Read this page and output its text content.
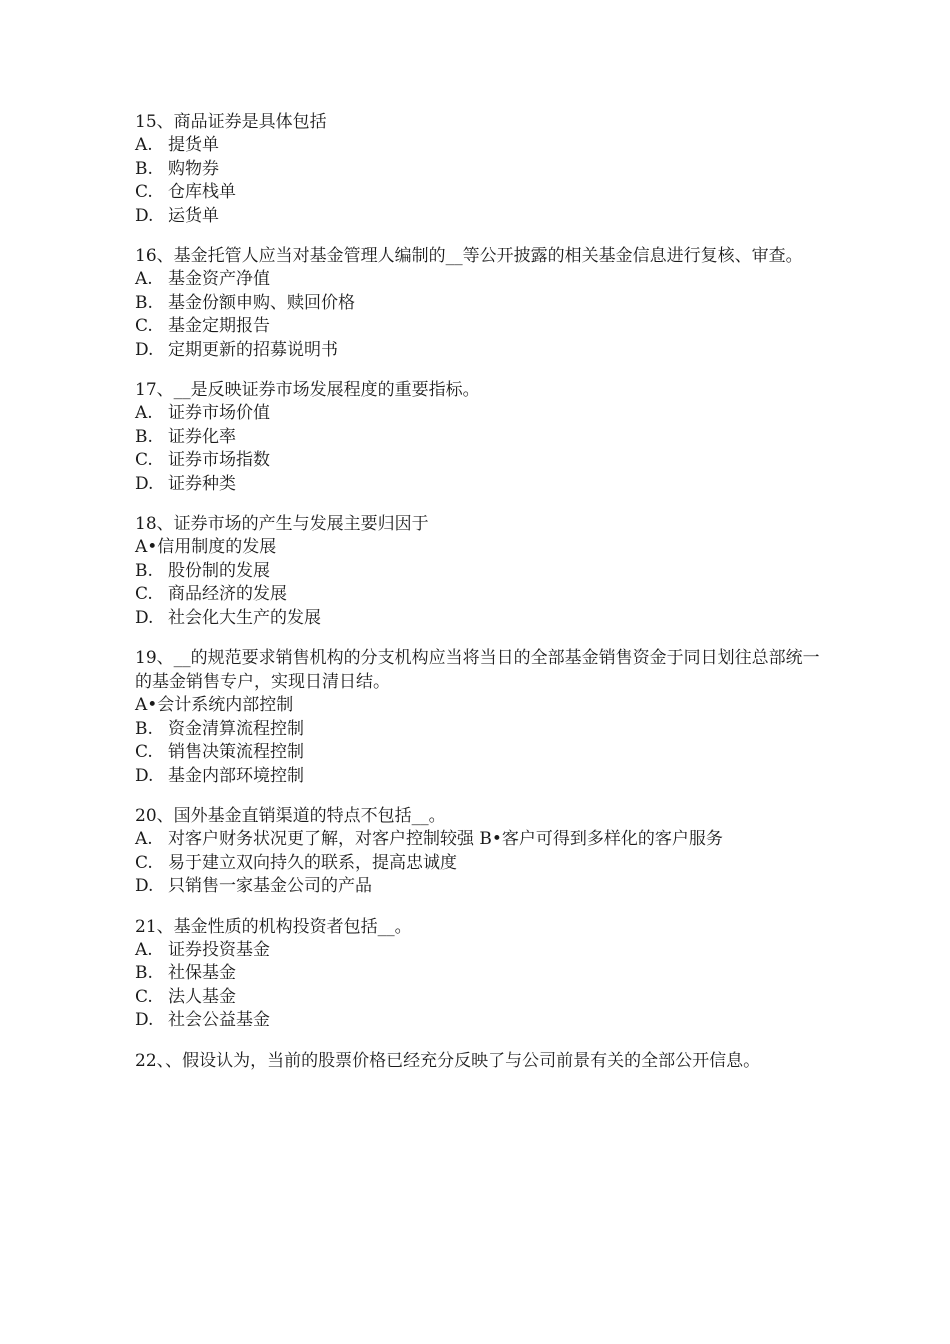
15、商品证券是具体包括
A. 提货单
B. 购物券
C. 仓库栈单
D. 运货单
16、基金托管人应当对基金管理人编制的__等公开披露的相关基金信息进行复核、审查。
A. 基金资产净值
B. 基金份额申购、赎回价格
C. 基金定期报告
D. 定期更新的招募说明书
17、__是反映证券市场发展程度的重要指标。
A. 证券市场价值
B. 证券化率
C. 证券市场指数
D. 证券种类
18、证券市场的产生与发展主要归因于
A•信用制度的发展
B. 股份制的发展
C. 商品经济的发展
D. 社会化大生产的发展
19、__的规范要求销售机构的分支机构应当将当日的全部基金销售资金于同日划往总部统一的基金销售专户，实现日清日结。
A•会计系统内部控制
B. 资金清算流程控制
C. 销售决策流程控制
D. 基金内部环境控制
20、国外基金直销渠道的特点不包括__。
A. 对客户财务状况更了解，对客户控制较强 B•客户可得到多样化的客户服务
C. 易于建立双向持久的联系，提高忠诚度
D. 只销售一家基金公司的产品
21、基金性质的机构投资者包括__。
A. 证券投资基金
B. 社保基金
C. 法人基金
D. 社会公益基金
22、、假设认为，当前的股票价格已经充分反映了与公司前景有关的全部公开信息。
